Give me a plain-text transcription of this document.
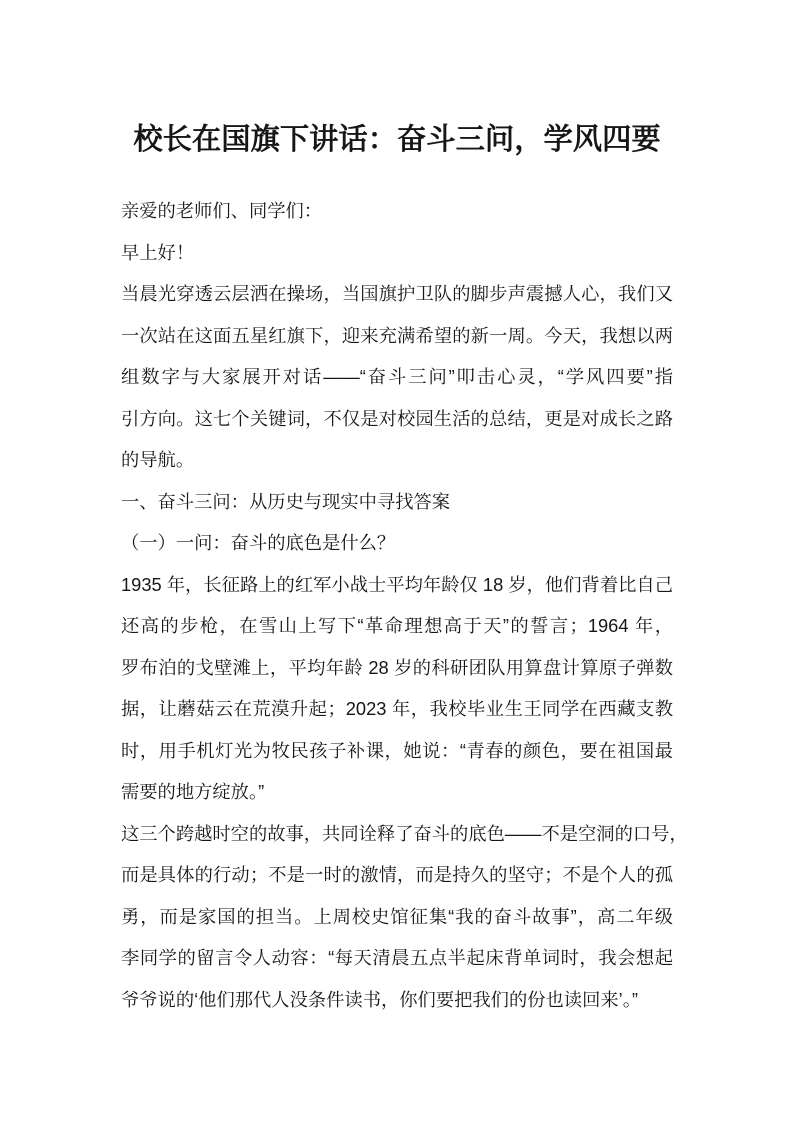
校长在国旗下讲话：奋斗三问，学风四要

亲爱的老师们、同学们：

早上好！

当晨光穿透云层洒在操场，当国旗护卫队的脚步声震撼人心，我们又
一次站在这面五星红旗下，迎来充满希望的新一周。今天，我想以两
组数字与大家展开对话——“奋斗三问”叩击心灵，“学风四要”指
引方向。这七个关键词，不仅是对校园生活的总结，更是对成长之路
的导航。

一、奋斗三问：从历史与现实中寻找答案

（一）一问：奋斗的底色是什么？

1935 年，长征路上的红军小战士平均年龄仅 18 岁，他们背着比自己
还高的步枪，在雪山上写下“革命理想高于天”的誓言；1964 年，
罗布泊的戈壁滩上，平均年龄 28 岁的科研团队用算盘计算原子弹数
据，让蘑菇云在荒漠升起；2023 年，我校毕业生王同学在西藏支教
时，用手机灯光为牧民孩子补课，她说：“青春的颜色，要在祖国最
需要的地方绽放。”

这三个跨越时空的故事，共同诠释了奋斗的底色——不是空洞的口号，
而是具体的行动；不是一时的激情，而是持久的坚守；不是个人的孤
勇，而是家国的担当。上周校史馆征集“我的奋斗故事”，高二年级
李同学的留言令人动容：“每天清晨五点半起床背单词时，我会想起
爷爷说的‘他们那代人没条件读书，你们要把我们的份也读回来’。”
